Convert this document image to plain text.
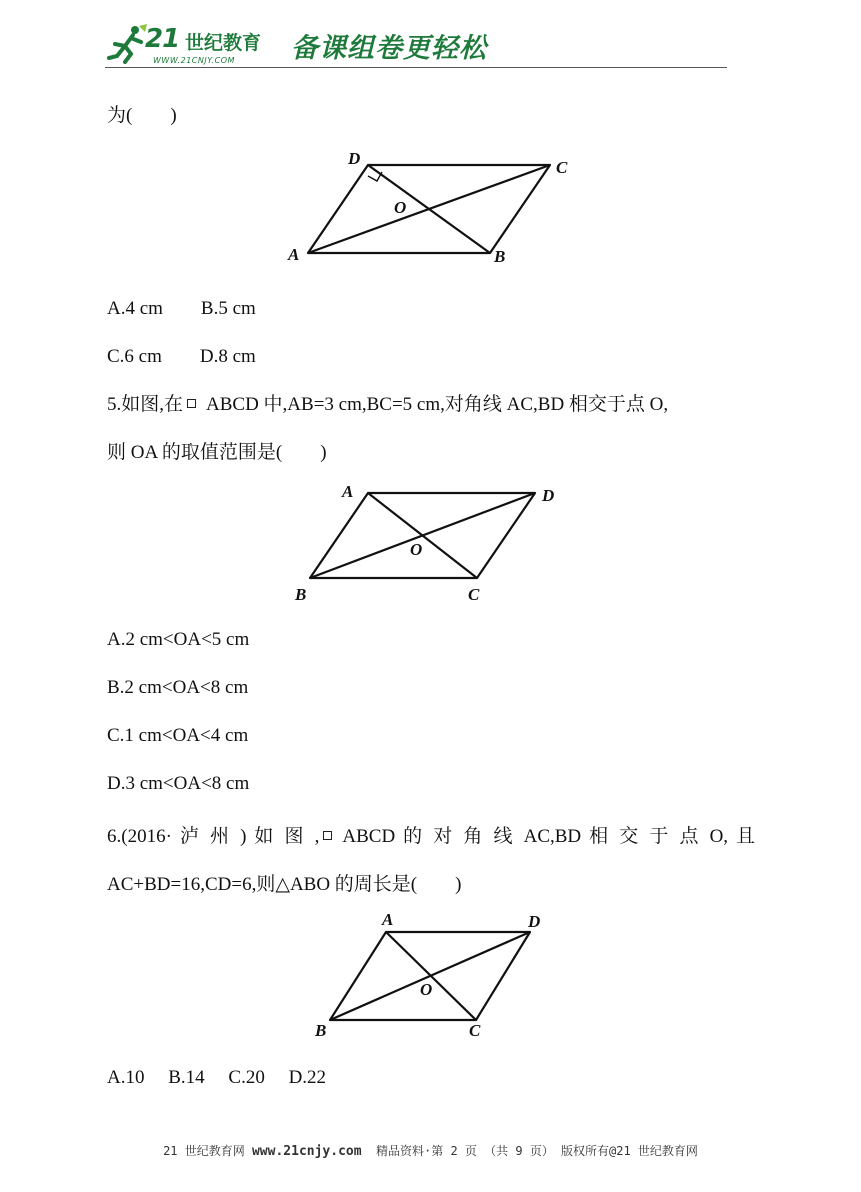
21 世纪教育
WWW.21CNJY.COM 备课组卷更轻松
为(　　)
D	C
O
A	B
A.4 cm　　B.5 cm
C.6 cm　　D.8 cm
5.如图,在 ABCD 中,AB=3 cm,BC=5 cm,对角线 AC,BD 相交于点 O,
则 OA 的取值范围是(　　)
A	D
O
B	C
A.2 cm<OA<5 cm
B.2 cm<OA<8 cm
C.1 cm<OA<4 cm
D.3 cm<OA<8 cm
6.(2016· 泸 州 ) 如 图 , ABCD 的 对 角 线 AC,BD 相 交 于 点 O, 且
AC+BD=16,CD=6,则△ABO 的周长是(　　)
A	D
O
B	C
A.10　 B.14　 C.20　 D.22
21 世纪教育网 www.21cnjy.com 精品资料·第 2 页 （共 9 页） 版权所有@21 世纪教育网
